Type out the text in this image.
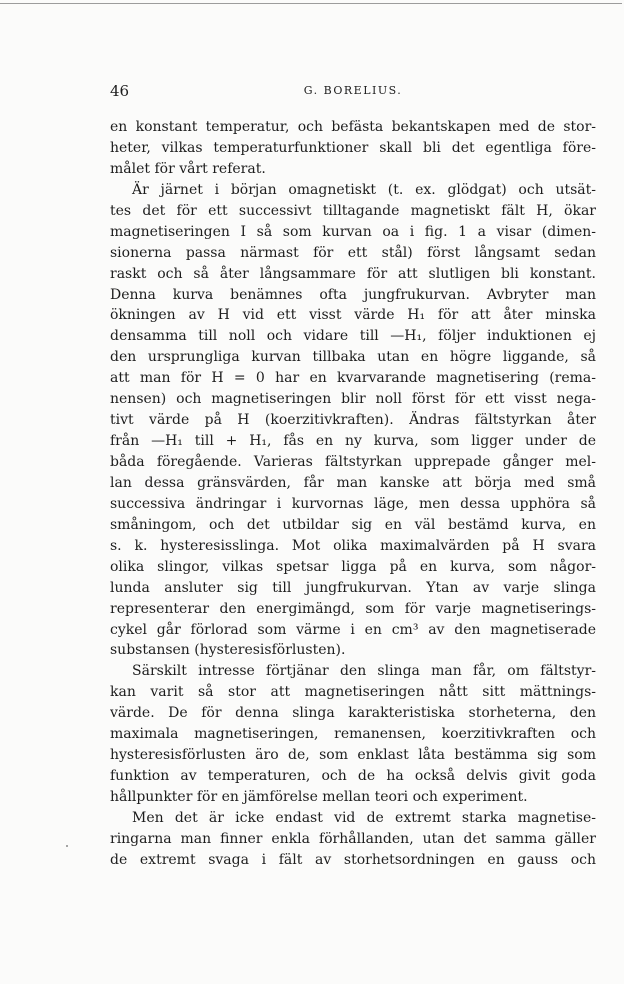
46	G. BORELIUS.
en konstant temperatur, och befästa bekantskapen med de stor-
heter, vilkas temperaturfunktioner skall bli det egentliga före-
målet för vårt referat.
Är järnet i början omagnetiskt (t. ex. glödgat) och utsät-
tes det för ett successivt tilltagande magnetiskt fält H, ökar
magnetiseringen I så som kurvan oa i fig. 1 a visar (dimen-
sionerna passa närmast för ett stål) först långsamt sedan
raskt och så åter långsammare för att slutligen bli konstant.
Denna kurva benämnes ofta jungfrukurvan. Avbryter man
ökningen av H vid ett visst värde H₁ för att åter minska
densamma till noll och vidare till —H₁, följer induktionen ej
den ursprungliga kurvan tillbaka utan en högre liggande, så
att man för H = 0 har en kvarvarande magnetisering (rema-
nensen) och magnetiseringen blir noll först för ett visst nega-
tivt värde på H (koerzitivkraften). Ändras fältstyrkan åter
från —H₁ till + H₁, fås en ny kurva, som ligger under de
båda föregående. Varieras fältstyrkan upprepade gånger mel-
lan dessa gränsvärden, får man kanske att börja med små
successiva ändringar i kurvornas läge, men dessa upphöra så
småningom, och det utbildar sig en väl bestämd kurva, en
s. k. hysteresisslinga. Mot olika maximalvärden på H svara
olika slingor, vilkas spetsar ligga på en kurva, som någor-
lunda ansluter sig till jungfrukurvan. Ytan av varje slinga
representerar den energimängd, som för varje magnetiserings-
cykel går förlorad som värme i en cm³ av den magnetiserade
substansen (hysteresisförlusten).
Särskilt intresse förtjänar den slinga man får, om fältstyr-
kan varit så stor att magnetiseringen nått sitt mättnings-
värde. De för denna slinga karakteristiska storheterna, den
maximala magnetiseringen, remanensen, koerzitivkraften och
hysteresisförlusten äro de, som enklast låta bestämma sig som
funktion av temperaturen, och de ha också delvis givit goda
hållpunkter för en jämförelse mellan teori och experiment.
Men det är icke endast vid de extremt starka magnetise-
ringarna man finner enkla förhållanden, utan det samma gäller
de extremt svaga i fält av storhetsordningen en gauss och
